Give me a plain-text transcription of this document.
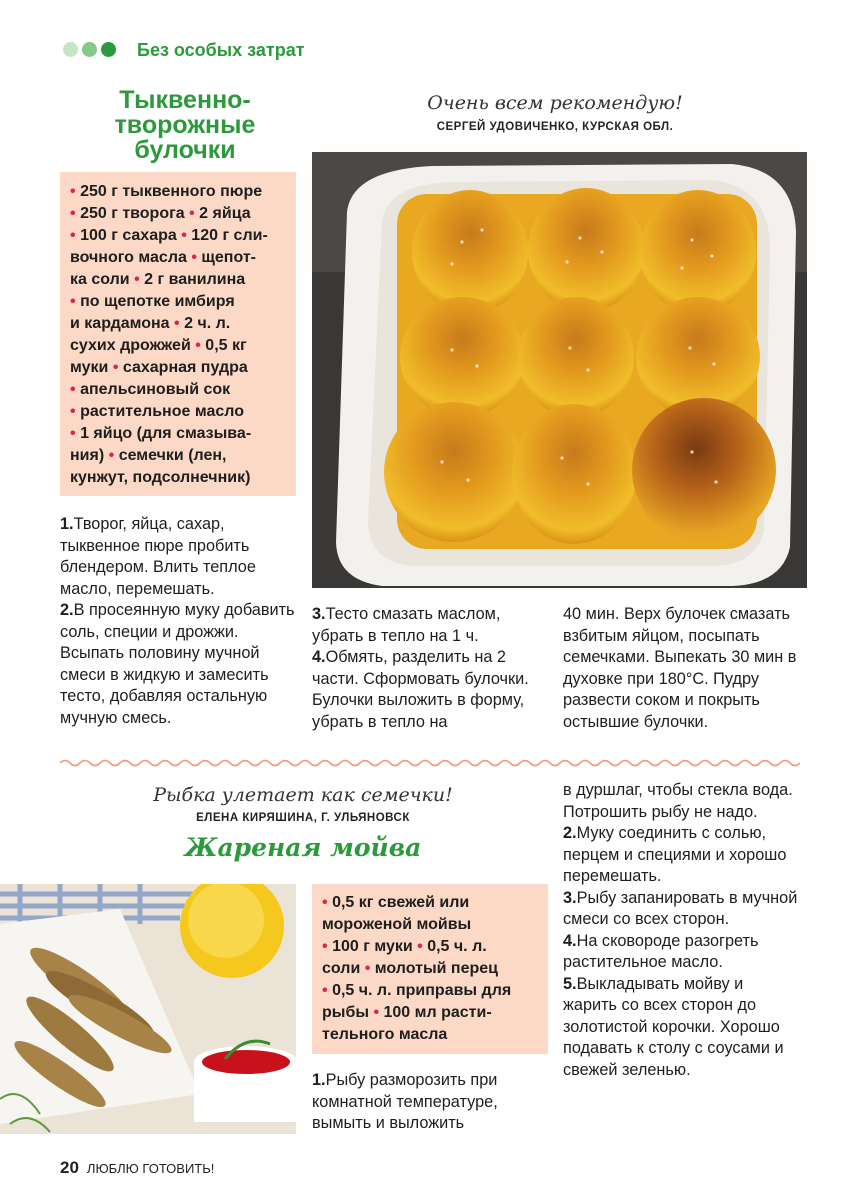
Без особых затрат
Тыквенно-
творожные
булочки
Очень всем рекомендую!
СЕРГЕЙ УДОВИЧЕНКО, КУРСКАЯ ОБЛ.
• 250 г тыквенного пюре
• 250 г творога • 2 яйца
• 100 г сахара • 120 г сли-
вочного масла • щепот-
ка соли • 2 г ванилина
• по щепотке имбиря
и кардамона • 2 ч. л.
сухих дрожжей • 0,5 кг
муки • сахарная пудра
• апельсиновый сок
• растительное масло
• 1 яйцо (для смазыва-
ния) • семечки (лен,
кунжут, подсолнечник)

1.Творог, яйца, сахар, тыквенное пюре пробить блендером. Влить теплое масло, перемешать.

2.В просеянную муку добавить соль, специи и дрожжи. Всыпать половину мучной смеси в жидкую и замесить тесто, добавляя остальную мучную смесь.

3.Тесто смазать маслом, убрать в тепло на 1 ч.

4.Обмять, разделить на 2 части. Сформовать булочки. Булочки выложить в форму, убрать в тепло на

40 мин. Верх булочек смазать взбитым яйцом, посыпать семечками. Выпекать 30 мин в духовке при 180°C. Пудру развести соком и покрыть остывшие булочки.

Рыбка улетает как семечки!
ЕЛЕНА КИРЯШИНА, Г. УЛЬЯНОВСК
Жареная мойва
• 0,5 кг свежей или
мороженой мойвы
• 100 г муки • 0,5 ч. л.
соли • молотый перец
• 0,5 ч. л. приправы для
рыбы • 100 мл расти-
тельного масла

1.Рыбу разморозить при комнатной температуре, вымыть и выложить

в дуршлаг, чтобы стекла вода. Потрошить рыбу не надо.

2.Муку соединить с солью, перцем и специями и хорошо перемешать.

3.Рыбу запанировать в мучной смеси со всех сторон.

4.На сковороде разогреть растительное масло.

5.Выкладывать мойву и жарить со всех сторон до золотистой корочки. Хорошо подавать к столу с соусами и свежей зеленью.

20 ЛЮБЛЮ ГОТОВИТЬ!
